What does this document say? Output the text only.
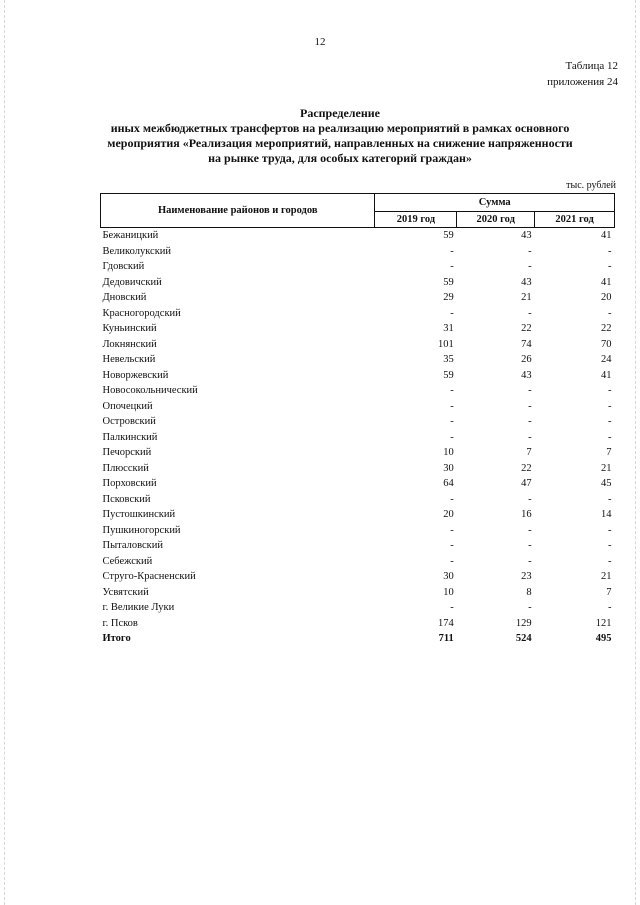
12
Таблица 12
приложения 24
Распределение
иных межбюджетных трансфертов на реализацию мероприятий в рамках основного
мероприятия «Реализация мероприятий, направленных на снижение напряженности
на рынке труда, для особых категорий граждан»
тыс. рублей
Наименование районов и городов	Сумма		
	2019 год	2020 год	2021 год
Бежаницкий	59	43	41
Великолукский	-	-	-
Гдовский	-	-	-
Дедовичский	59	43	41
Дновский	29	21	20
Красногородский	-	-	-
Куньинский	31	22	22
Локнянский	101	74	70
Невельский	35	26	24
Новоржевский	59	43	41
Новосокольнический	-	-	-
Опочецкий	-	-	-
Островский	-	-	-
Палкинский	-	-	-
Печорский	10	7	7
Плюсский	30	22	21
Порховский	64	47	45
Псковский	-	-	-
Пустошкинский	20	16	14
Пушкиногорский	-	-	-
Пыталовский	-	-	-
Себежский	-	-	-
Струго-Красненский	30	23	21
Усвятский	10	8	7
г. Великие Луки	-	-	-
г. Псков	174	129	121
Итого	711	524	495
